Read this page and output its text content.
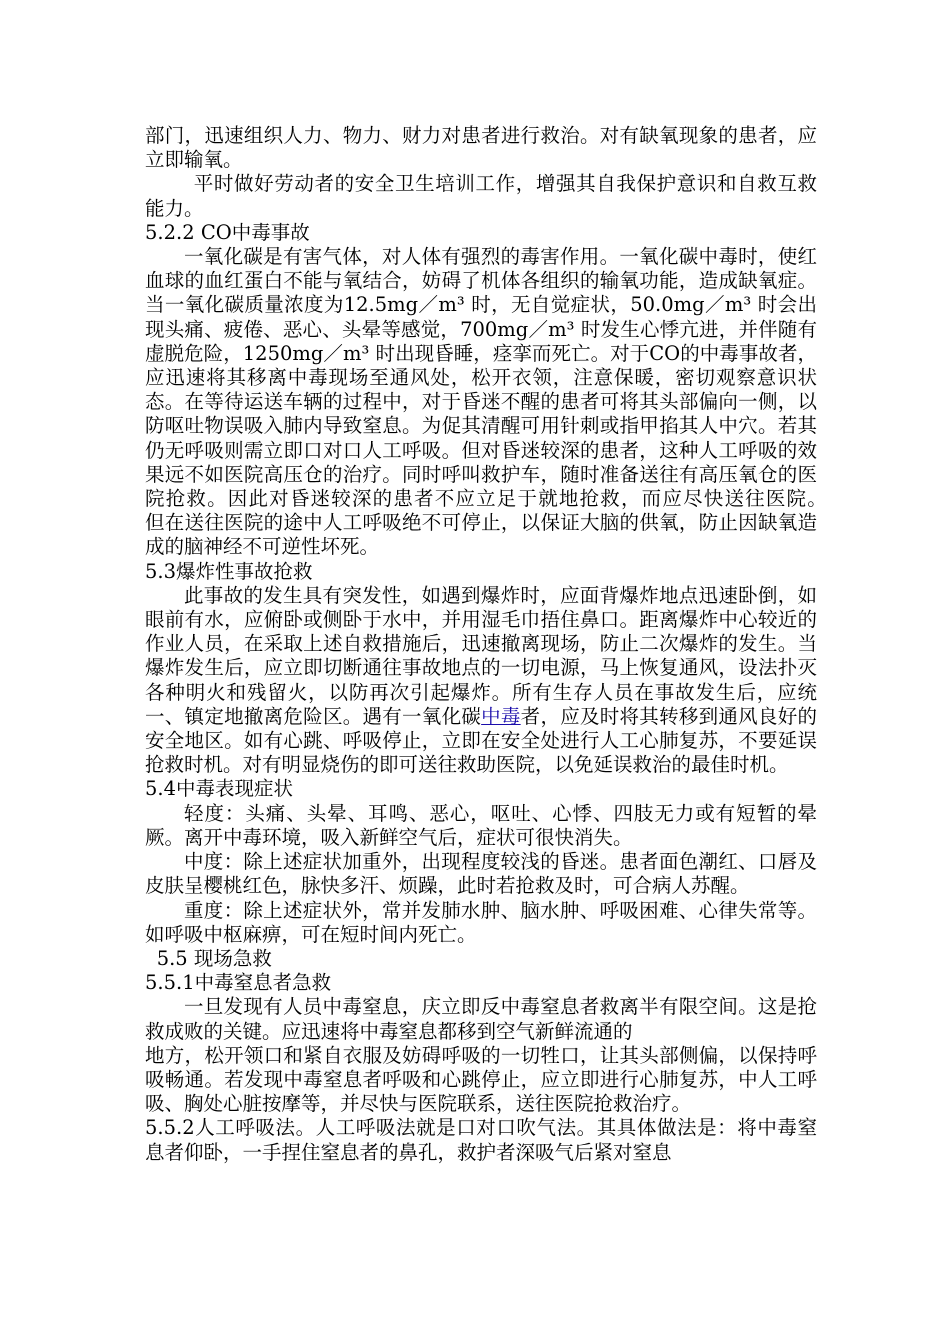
部门，迅速组织人力、物力、财力对患者进行救治。对有缺氧现象的患者，应立即输氧。

平时做好劳动者的安全卫生培训工作，增强其自我保护意识和自救互救能力。

5.2.2 CO中毒事故

一氧化碳是有害气体，对人体有强烈的毒害作用。一氧化碳中毒时，使红血球的血红蛋白不能与氧结合，妨碍了机体各组织的输氧功能，造成缺氧症。当一氧化碳质量浓度为12.5mg／m³ 时，无自觉症状，50.0mg／m³ 时会出现头痛、疲倦、恶心、头晕等感觉，700mg／m³ 时发生心悸亢进，并伴随有虚脱危险，1250mg／m³ 时出现昏睡，痉挛而死亡。对于CO的中毒事故者，应迅速将其移离中毒现场至通风处，松开衣领，注意保暖，密切观察意识状态。在等待运送车辆的过程中，对于昏迷不醒的患者可将其头部偏向一侧，以防呕吐物误吸入肺内导致窒息。为促其清醒可用针刺或指甲掐其人中穴。若其仍无呼吸则需立即口对口人工呼吸。但对昏迷较深的患者，这种人工呼吸的效果远不如医院高压仓的治疗。同时呼叫救护车，随时准备送往有高压氧仓的医院抢救。因此对昏迷较深的患者不应立足于就地抢救，而应尽快送往医院。　但在送往医院的途中人工呼吸绝不可停止，以保证大脑的供氧，防止因缺氧造成的脑神经不可逆性坏死。

5.3爆炸性事故抢救

此事故的发生具有突发性，如遇到爆炸时，应面背爆炸地点迅速卧倒，如眼前有水，应俯卧或侧卧于水中，并用湿毛巾捂住鼻口。距离爆炸中心较近的作业人员，在采取上述自救措施后，迅速撤离现场，防止二次爆炸的发生。当爆炸发生后，应立即切断通往事故地点的一切电源，马上恢复通风，设法扑灭各种明火和残留火，以防再次引起爆炸。所有生存人员在事故发生后，应统一、镇定地撤离危险区。遇有一氧化碳中毒者，应及时将其转移到通风良好的安全地区。如有心跳、呼吸停止，立即在安全处进行人工心肺复苏，不要延误抢救时机。对有明显烧伤的即可送往救助医院，以免延误救治的最佳时机。

5.4中毒表现症状

轻度：头痛、头晕、耳鸣、恶心，呕吐、心悸、四肢无力或有短暂的晕厥。离开中毒环境，吸入新鲜空气后，症状可很快消失。

中度：除上述症状加重外，出现程度较浅的昏迷。患者面色潮红、口唇及皮肤呈樱桃红色，脉快多汗、烦躁，此时若抢救及时，可合病人苏醒。

重度：除上述症状外，常并发肺水肿、脑水肿、呼吸困难、心律失常等。如呼吸中枢麻痹，可在短时间内死亡。

5.5 现场急救

5.5.1中毒窒息者急救

一旦发现有人员中毒窒息，庆立即反中毒窒息者救离半有限空间。这是抢救成败的关键。应迅速将中毒窒息都移到空气新鲜流通的

地方，松开领口和紧自衣服及妨碍呼吸的一切牲口，让其头部侧偏，以保持呼吸畅通。若发现中毒窒息者呼吸和心跳停止，应立即进行心肺复苏，中人工呼吸、胸处心脏按摩等，并尽快与医院联系，送往医院抢救治疗。

5.5.2人工呼吸法。人工呼吸法就是口对口吹气法。其具体做法是：将中毒窒息者仰卧，一手捏住窒息者的鼻孔，救护者深吸气后紧对窒息
